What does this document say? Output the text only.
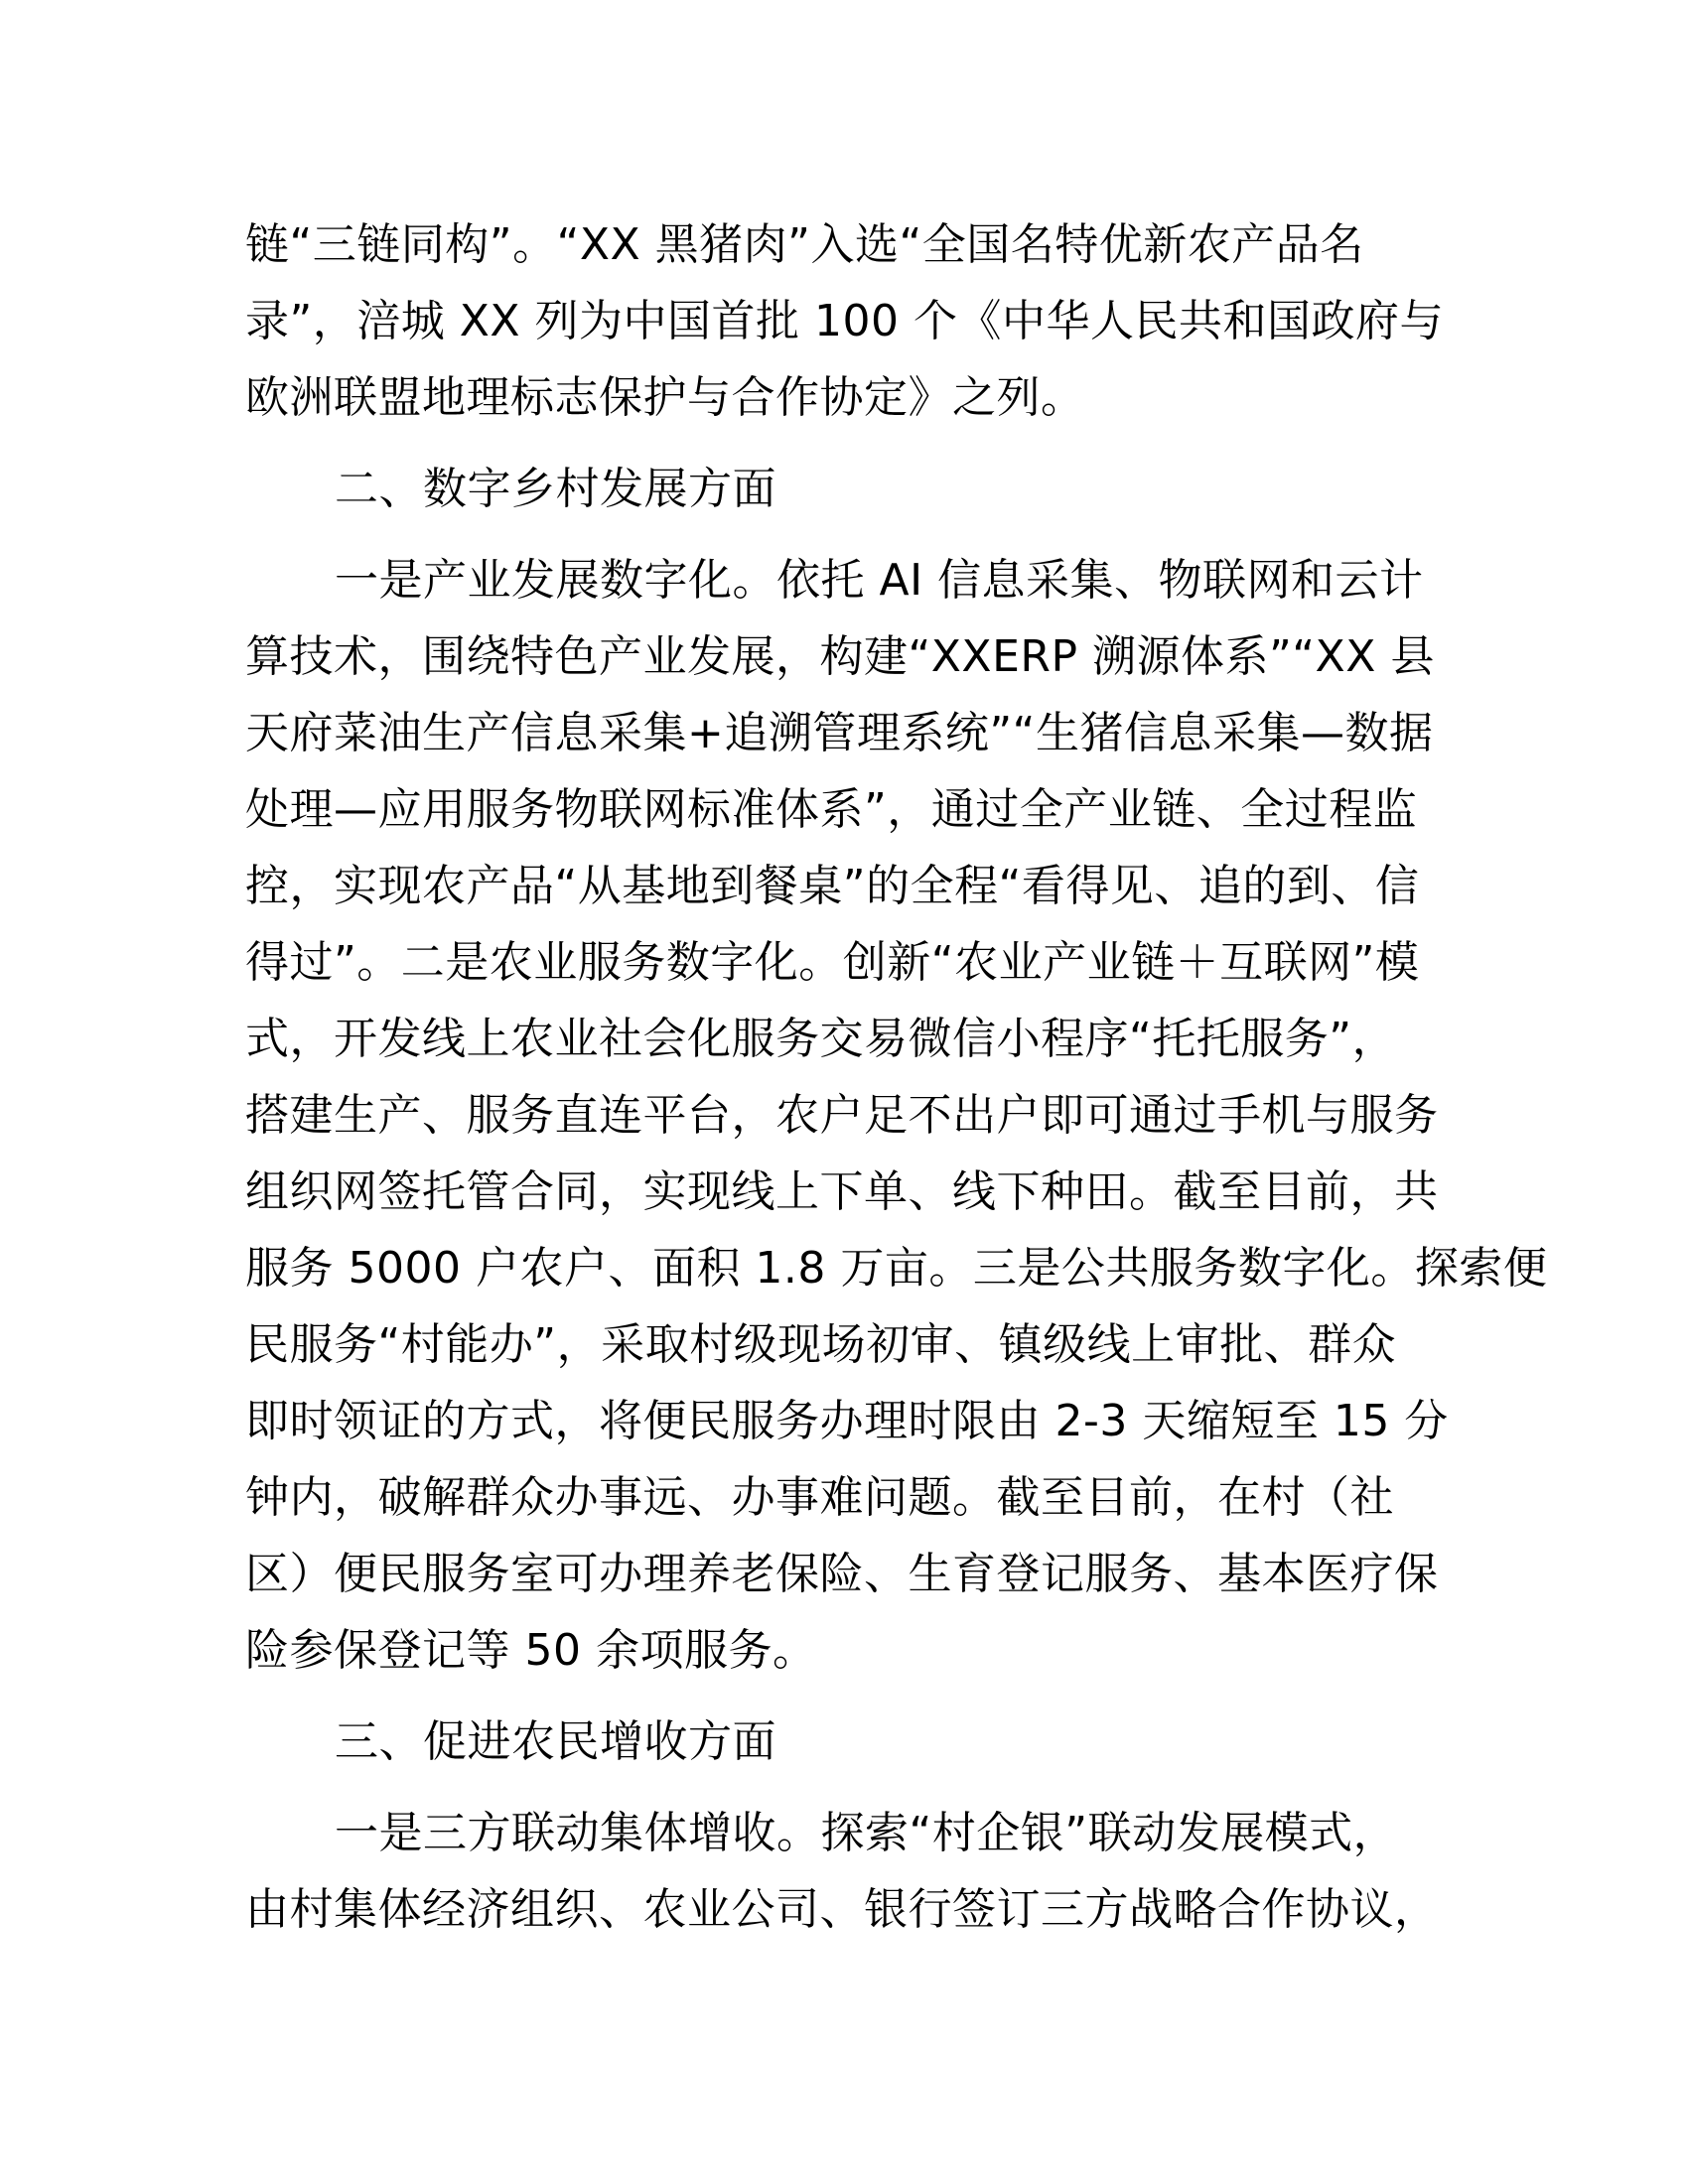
链“三链同构”。“XX 黑猪肉”入选“全国名特优新农产品名
录”，涪城 XX 列为中国首批 100 个《中华人民共和国政府与
欧洲联盟地理标志保护与合作协定》之列。
二、数字乡村发展方面
一是产业发展数字化。依托 AI 信息采集、物联网和云计
算技术，围绕特色产业发展，构建“XXERP 溯源体系”“XX 县
天府菜油生产信息采集+追溯管理系统”“生猪信息采集—数据
处理—应用服务物联网标准体系”，通过全产业链、全过程监
控，实现农产品“从基地到餐桌”的全程“看得见、追的到、信
得过”。二是农业服务数字化。创新“农业产业链＋互联网”模
式，开发线上农业社会化服务交易微信小程序“托托服务”，
搭建生产、服务直连平台，农户足不出户即可通过手机与服务
组织网签托管合同，实现线上下单、线下种田。截至目前，共
服务 5000 户农户、面积 1.8 万亩。三是公共服务数字化。探索便
民服务“村能办”，采取村级现场初审、镇级线上审批、群众
即时领证的方式，将便民服务办理时限由 2-3 天缩短至 15 分
钟内，破解群众办事远、办事难问题。截至目前，在村（社
区）便民服务室可办理养老保险、生育登记服务、基本医疗保
险参保登记等 50 余项服务。
三、促进农民增收方面
一是三方联动集体增收。探索“村企银”联动发展模式，
由村集体经济组织、农业公司、银行签订三方战略合作协议，
